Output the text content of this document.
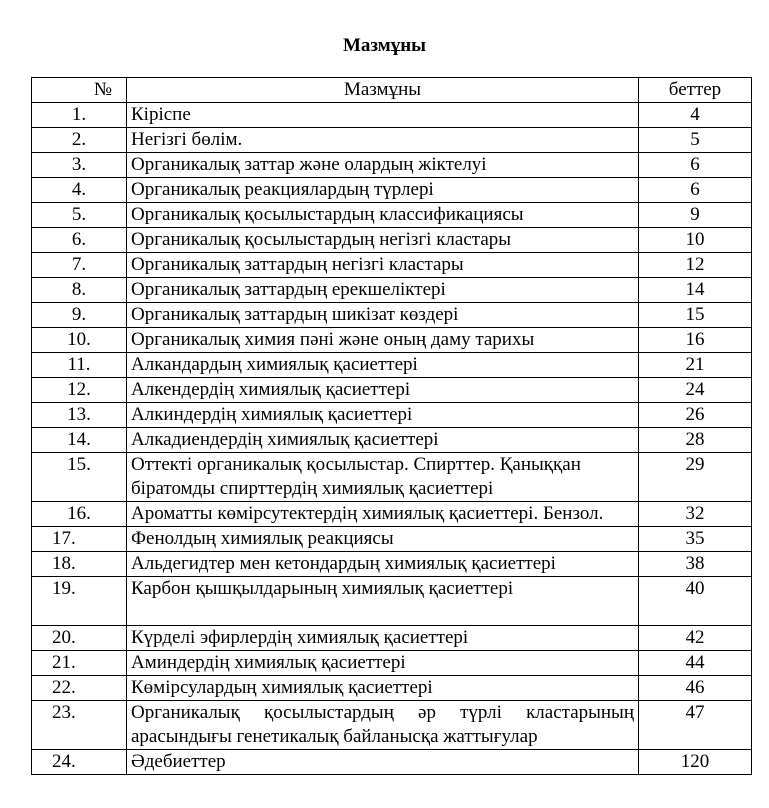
Мазмұны
№	Мазмұны	беттер
1.	Кіріспе	4
2.	Негізгі бөлім.	5
3.	Органикалық заттар және олардың жіктелуі	6
4.	Органикалық реакциялардың түрлері	6
5.	Органикалық қосылыстардың классификациясы	9
6.	Органикалық қосылыстардың негізгі кластары	10
7.	Органикалық заттардың негізгі кластары	12
8.	Органикалық заттардың ерекшеліктері	14
9.	Органикалық заттардың шикізат көздері	15
10.	Органикалық химия пәні және оның даму тарихы	16
11.	Алкандардың химиялық қасиеттері	21
12.	Алкендердің химиялық қасиеттері	24
13.	Алкиндердің химиялық қасиеттері	26
14.	Алкадиендердің химиялық қасиеттері	28
15.	Оттекті органикалық қосылыстар. Спирттер. Қаныққан біратомды спирттердің химиялық қасиеттері	29
16.	Ароматты көмірсутектердің химиялық қасиеттері. Бензол.	32
17.	Фенолдың химиялық реакциясы	35
18.	Альдегидтер мен кетондардың химиялық қасиеттері	38
19.	Карбон қышқылдарының химиялық қасиеттері	40
20.	Күрделі эфирлердің химиялық қасиеттері	42
21.	Аминдердің химиялық қасиеттері	44
22.	Көмірсулардың химиялық қасиеттері	46
23.	Органикалық қосылыстардың әр түрлі кластарының арасындығы генетикалық байланысқа жаттығулар	47
24.	Әдебиеттер	120
